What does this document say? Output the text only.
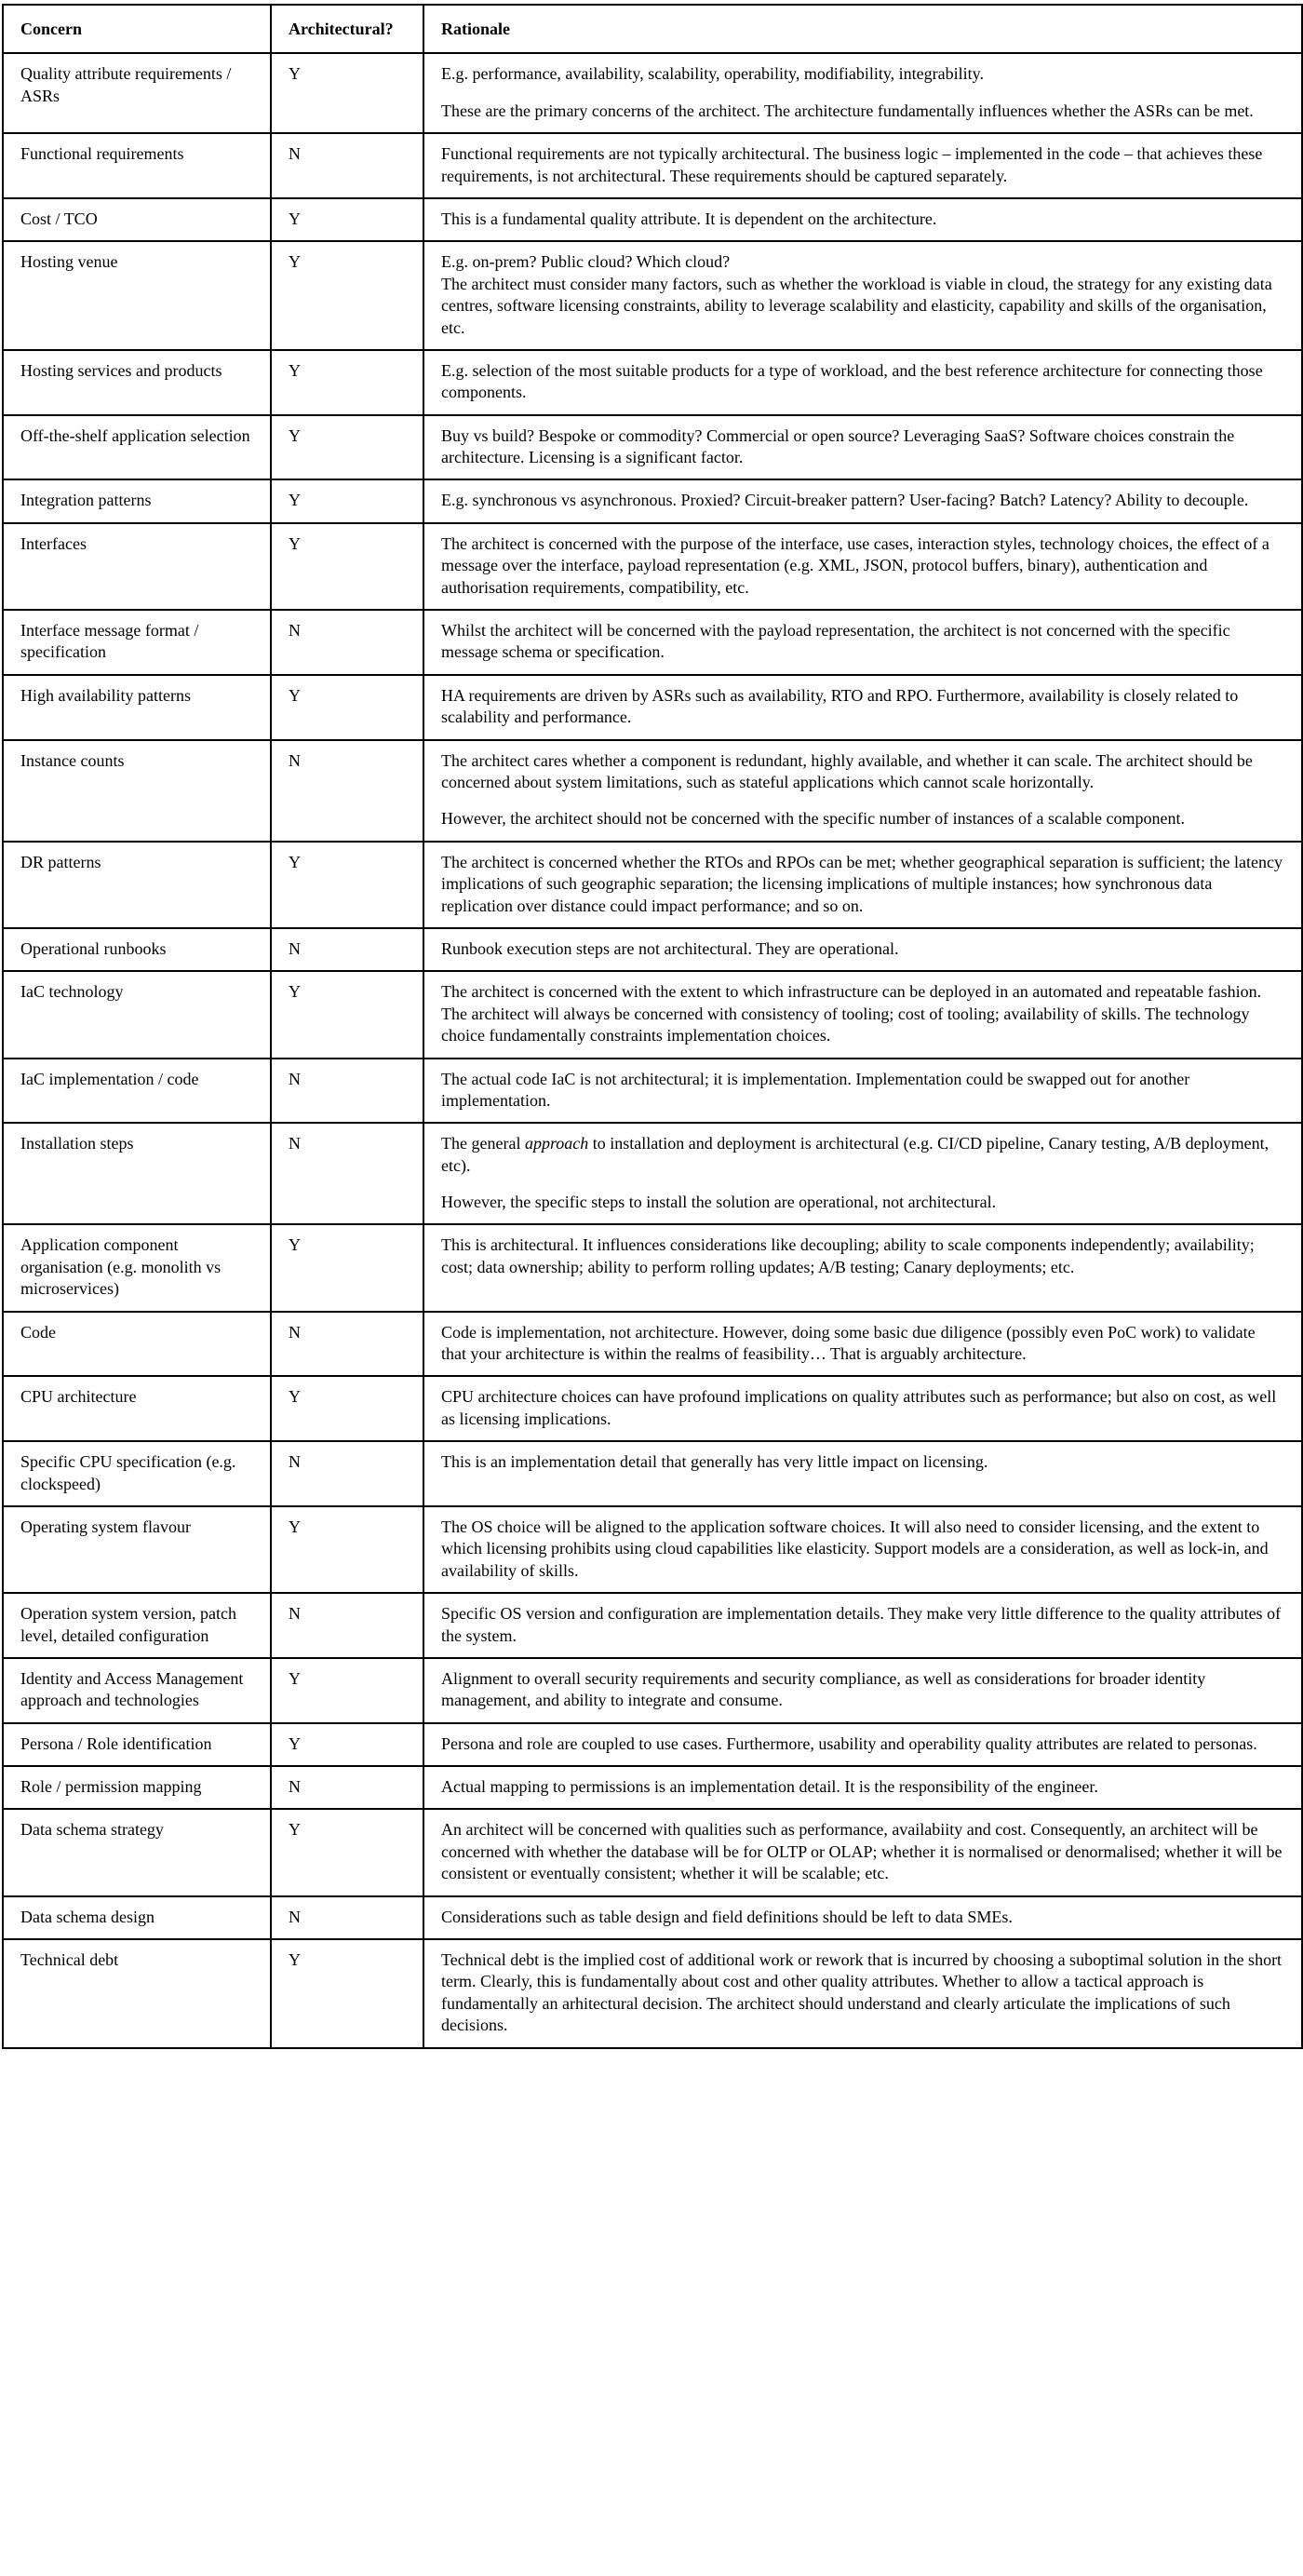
Concern	Architectural?	Rationale
Quality attribute requirements / ASRs	Y	E.g. performance, availability, scalability, operability, modifiability, integrability.

These are the primary concerns of the architect. The architecture fundamentally influences whether the ASRs can be met.

Functional requirements	N	Functional requirements are not typically architectural. The business logic – implemented in the code – that achieves these requirements, is not architectural. These requirements should be captured separately.

Cost / TCO	Y	This is a fundamental quality attribute. It is dependent on the architecture.

Hosting venue	Y	E.g. on-prem? Public cloud? Which cloud?

The architect must consider many factors, such as whether the workload is viable in cloud, the strategy for any existing data centres, software licensing constraints, ability to leverage scalability and elasticity, capability and skills of the organisation, etc.

Hosting services and products	Y	E.g. selection of the most suitable products for a type of workload, and the best reference architecture for connecting those components.

Off-the-shelf application selection	Y	Buy vs build? Bespoke or commodity? Commercial or open source? Leveraging SaaS? Software choices constrain the architecture. Licensing is a significant factor.

Integration patterns	Y	E.g. synchronous vs asynchronous. Proxied? Circuit-breaker pattern? User-facing? Batch? Latency? Ability to decouple.

Interfaces	Y	The architect is concerned with the purpose of the interface, use cases, interaction styles, technology choices, the effect of a message over the interface, payload representation (e.g. XML, JSON, protocol buffers, binary), authentication and authorisation requirements, compatibility, etc.

Interface message format / specification	N	Whilst the architect will be concerned with the payload representation, the architect is not concerned with the specific message schema or specification.

High availability patterns	Y	HA requirements are driven by ASRs such as availability, RTO and RPO. Furthermore, availability is closely related to scalability and performance.

Instance counts	N	The architect cares whether a component is redundant, highly available, and whether it can scale. The architect should be concerned about system limitations, such as stateful applications which cannot scale horizontally.

However, the architect should not be concerned with the specific number of instances of a scalable component.

DR patterns	Y	The architect is concerned whether the RTOs and RPOs can be met; whether geographical separation is sufficient; the latency implications of such geographic separation; the licensing implications of multiple instances; how synchronous data replication over distance could impact performance; and so on.

Operational runbooks	N	Runbook execution steps are not architectural. They are operational.

IaC technology	Y	The architect is concerned with the extent to which infrastructure can be deployed in an automated and repeatable fashion. The architect will always be concerned with consistency of tooling; cost of tooling; availability of skills. The technology choice fundamentally constraints implementation choices.

IaC implementation / code	N	The actual code IaC is not architectural; it is implementation. Implementation could be swapped out for another implementation.

Installation steps	N	The general approach to installation and deployment is architectural (e.g. CI/CD pipeline, Canary testing, A/B deployment, etc).

However, the specific steps to install the solution are operational, not architectural.

Application component organisation (e.g. monolith vs microservices)	Y	This is architectural. It influences considerations like decoupling; ability to scale components independently; availability; cost; data ownership; ability to perform rolling updates; A/B testing; Canary deployments; etc.

Code	N	Code is implementation, not architecture. However, doing some basic due diligence (possibly even PoC work) to validate that your architecture is within the realms of feasibility… That is arguably architecture.

CPU architecture	Y	CPU architecture choices can have profound implications on quality attributes such as performance; but also on cost, as well as licensing implications.

Specific CPU specification (e.g. clockspeed)	N	This is an implementation detail that generally has very little impact on licensing.

Operating system flavour	Y	The OS choice will be aligned to the application software choices. It will also need to consider licensing, and the extent to which licensing prohibits using cloud capabilities like elasticity. Support models are a consideration, as well as lock-in, and availability of skills.

Operation system version, patch level, detailed configuration	N	Specific OS version and configuration are implementation details. They make very little difference to the quality attributes of the system.

Identity and Access Management approach and technologies	Y	Alignment to overall security requirements and security compliance, as well as considerations for broader identity management, and ability to integrate and consume.

Persona / Role identification	Y	Persona and role are coupled to use cases. Furthermore, usability and operability quality attributes are related to personas.

Role / permission mapping	N	Actual mapping to permissions is an implementation detail. It is the responsibility of the engineer.

Data schema strategy	Y	An architect will be concerned with qualities such as performance, availabiity and cost. Consequently, an architect will be concerned with whether the database will be for OLTP or OLAP; whether it is normalised or denormalised; whether it will be consistent or eventually consistent; whether it will be scalable; etc.

Data schema design	N	Considerations such as table design and field definitions should be left to data SMEs.

Technical debt	Y	Technical debt is the implied cost of additional work or rework that is incurred by choosing a suboptimal solution in the short term. Clearly, this is fundamentally about cost and other quality attributes. Whether to allow a tactical approach is fundamentally an arhitectural decision. The architect should understand and clearly articulate the implications of such decisions.
